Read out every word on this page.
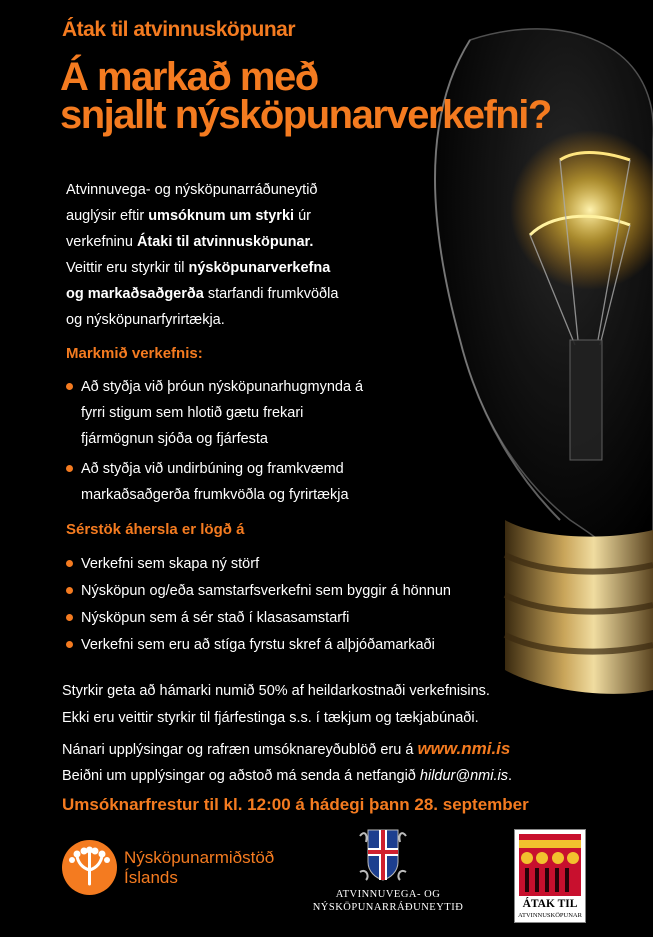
Átak til atvinnusköpunar
Á markað með
snjallt nýsköpunarverkefni?
Atvinnuvega- og nýsköpunarráðuneytið
auglýsir eftir umsóknum um styrki úr
verkefninu Átaki til atvinnusköpunar.
Veittir eru styrkir til nýsköpunarverkefna
og markaðsaðgerða starfandi frumkvöðla
og nýsköpunarfyrirtækja.
Markmið verkefnis:
Að styðja við þróun nýsköpunarhugmynda á
fyrri stigum sem hlotið gætu frekari
fjármögnun sjóða og fjárfesta
Að styðja við undirbúning og framkvæmd
markaðsaðgerða frumkvöðla og fyrirtækja
Sérstök áhersla er lögð á
Verkefni sem skapa ný störf
Nýsköpun og/eða samstarfsverkefni sem byggir á hönnun
Nýsköpun sem á sér stað í klasasamstarfi
Verkefni sem eru að stíga fyrstu skref á alþjóðamarkaði
Styrkir geta að hámarki numið 50% af heildarkostnaði verkefnisins.
Ekki eru veittir styrkir til fjárfestinga s.s. í tækjum og tækjabúnaði.
Nánari upplýsingar og rafræn umsóknareyðublöð eru á www.nmi.is
Beiðni um upplýsingar og aðstoð má senda á netfangið hildur@nmi.is.
Umsóknarfrestur til kl. 12:00 á hádegi þann 28. september
Nýsköpunarmiðstöð
Íslands
ATVINNUVEGA- OG
NÝSKÖPUNARRÁÐUNEYTIÐ	ÁTAK TIL
ATVINNUSKÖPUNAR
